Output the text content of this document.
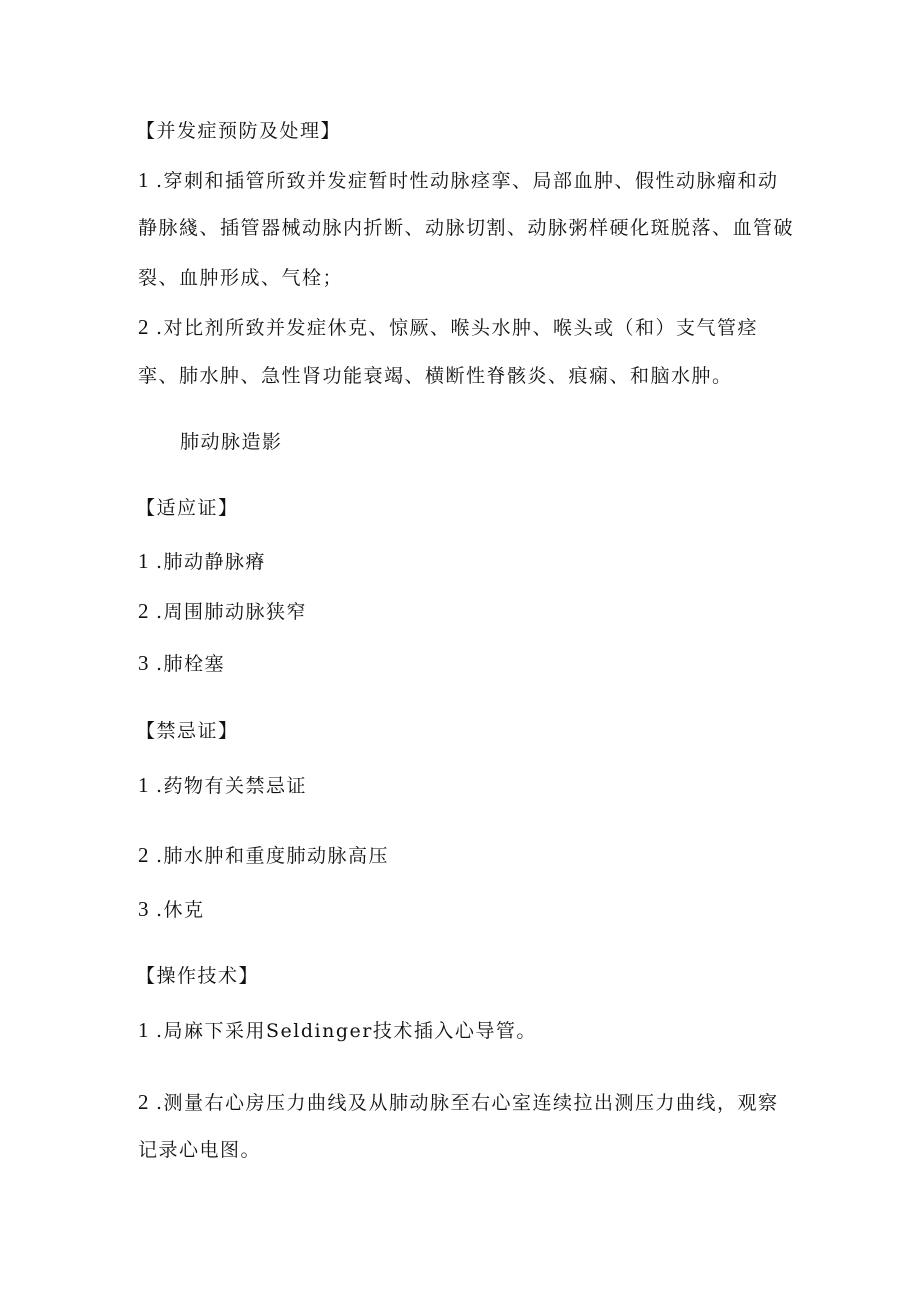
【并发症预防及处理】
1 .穿刺和插管所致并发症暂时性动脉痉挛、局部血肿、假性动脉瘤和动
静脉綫、插管器械动脉内折断、动脉切割、动脉粥样硬化斑脱落、血管破
裂、血肿形成、气栓；
2 .对比剂所致并发症休克、惊厥、喉头水肿、喉头或（和）支气管痉
挛、肺水肿、急性肾功能衰竭、横断性脊骸炎、痕痫、和脑水肿。
肺动脉造影
【适应证】
1 .肺动静脉瘠
2 .周围肺动脉狭窄
3 .肺栓塞
【禁忌证】
1 .药物有关禁忌证
2 .肺水肿和重度肺动脉高压
3 .休克
【操作技术】
1 .局麻下采用Seldinger技术插入心导管。
2 .测量右心房压力曲线及从肺动脉至右心室连续拉出测压力曲线，观察
记录心电图。
